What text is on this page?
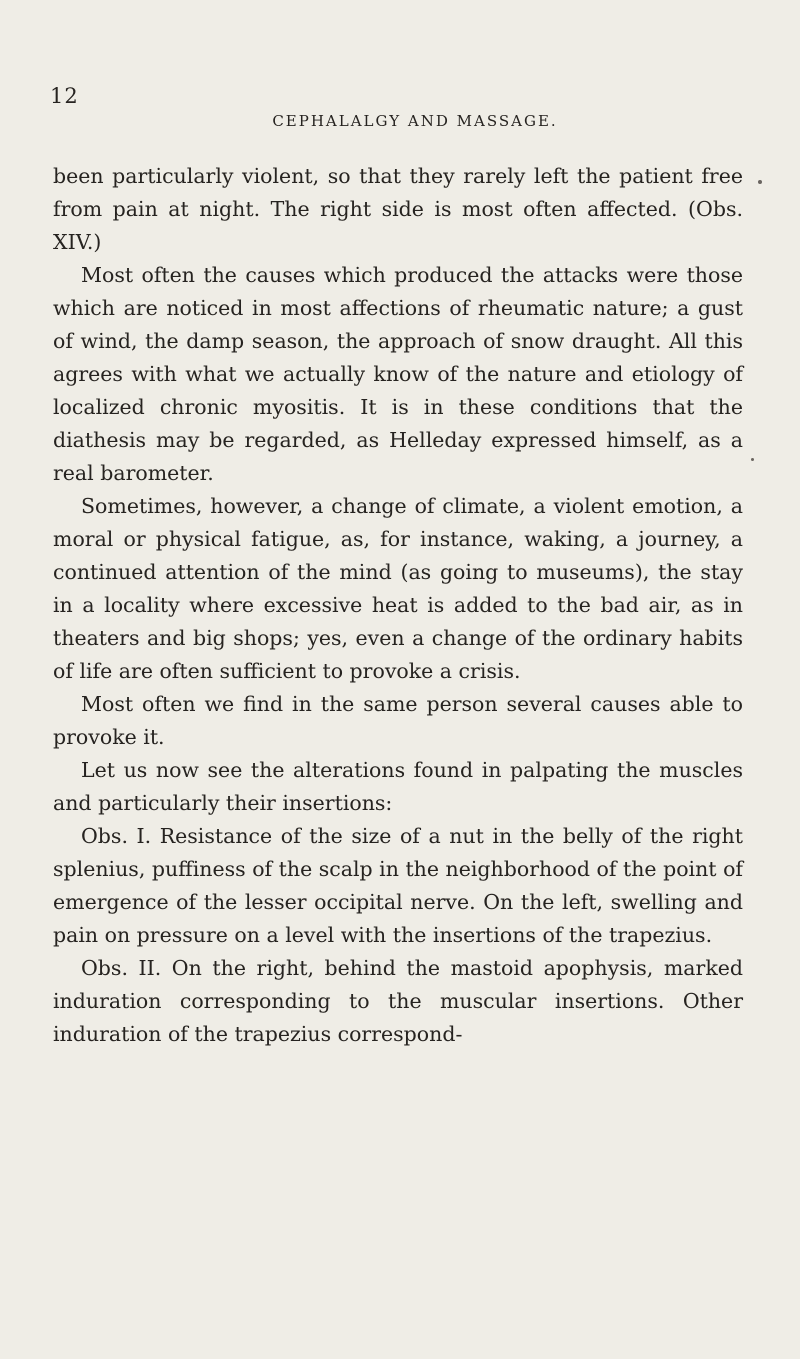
12
CEPHALALGY AND MASSAGE.

been particularly violent, so that they rarely left the patient free from pain at night. The right side is most often affected. (Obs. XIV.)

Most often the causes which produced the attacks were those which are noticed in most affections of rheumatic nature; a gust of wind, the damp season, the approach of snow draught. All this agrees with what we actually know of the nature and etiology of localized chronic myositis. It is in these conditions that the diathesis may be regarded, as Helleday expressed himself, as a real barometer.

Sometimes, however, a change of climate, a violent emotion, a moral or physical fatigue, as, for instance, waking, a journey, a continued attention of the mind (as going to museums), the stay in a locality where excessive heat is added to the bad air, as in theaters and big shops; yes, even a change of the ordinary habits of life are often sufficient to provoke a crisis.

Most often we find in the same person several causes able to provoke it.

Let us now see the alterations found in palpating the muscles and particularly their insertions:

Obs. I. Resistance of the size of a nut in the belly of the right splenius, puffiness of the scalp in the neighborhood of the point of emergence of the lesser occipital nerve. On the left, swelling and pain on pressure on a level with the insertions of the trapezius.

Obs. II. On the right, behind the mastoid apophysis, marked induration corresponding to the muscular insertions. Other induration of the trapezius correspond-
